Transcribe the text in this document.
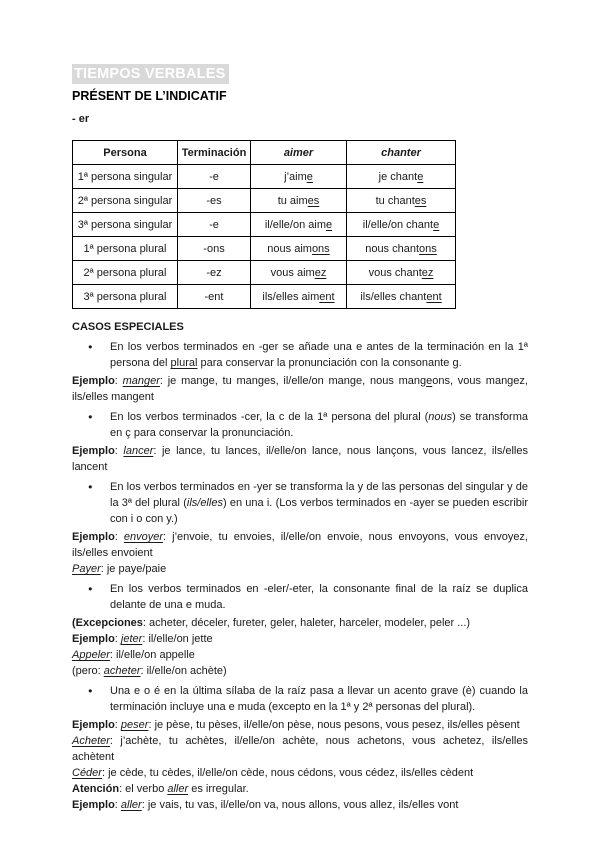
TIEMPOS VERBALES
PRÉSENT DE L’INDICATIF

- er

Persona	Terminación	aimer	chanter
1ª persona singular	-e	j’aime	je chante
2ª persona singular	-es	tu aimes	tu chantes
3ª persona singular	-e	il/elle/on aime	il/elle/on chante
1ª persona plural	-ons	nous aimons	nous chantons
2ª persona plural	-ez	vous aimez	vous chantez
3ª persona plural	-ent	ils/elles aiment	ils/elles chantent
CASOS ESPECIALES
●	En los verbos terminados en -ger se añade una e antes de la terminación en la 1ª persona del plural para conservar la pronunciación con la consonante g.

Ejemplo: manger: je mange, tu manges, il/elle/on mange, nous mangeons, vous mangez, ils/elles mangent

●	En los verbos terminados -cer, la c de la 1ª persona del plural (nous) se transforma en ç para conservar la pronunciación.

Ejemplo: lancer: je lance, tu lances, il/elle/on lance, nous lançons, vous lancez, ils/elles lancent

●	En los verbos terminados en -yer se transforma la y de las personas del singular y de la 3ª del plural (ils/elles) en una i. (Los verbos terminados en -ayer se pueden escribir con i o con y.)

Ejemplo: envoyer: j’envoie, tu envoies, il/elle/on envoie, nous envoyons, vous envoyez, ils/elles envoient

Payer: je paye/paie

●	En los verbos terminados en -eler/-eter, la consonante final de la raíz se duplica delante de una e muda.

(Excepciones: acheter, déceler, fureter, geler, haleter, harceler, modeler, peler ...)

Ejemplo: jeter: il/elle/on jette

Appeler: il/elle/on appelle

(pero: acheter: il/elle/on achète)

●	Una e o é en la última sílaba de la raíz pasa a llevar un acento grave (è) cuando la terminación incluye una e muda (excepto en la 1ª y 2ª personas del plural).

Ejemplo: peser: je pèse, tu pèses, il/elle/on pèse, nous pesons, vous pesez, ils/elles pèsent

Acheter: j’achète, tu achètes, il/elle/on achète, nous achetons, vous achetez, ils/elles achètent

Céder: je cède, tu cèdes, il/elle/on cède, nous cédons, vous cédez, ils/elles cèdent

Atención: el verbo aller es irregular.

Ejemplo: aller: je vais, tu vas, il/elle/on va, nous allons, vous allez, ils/elles vont
